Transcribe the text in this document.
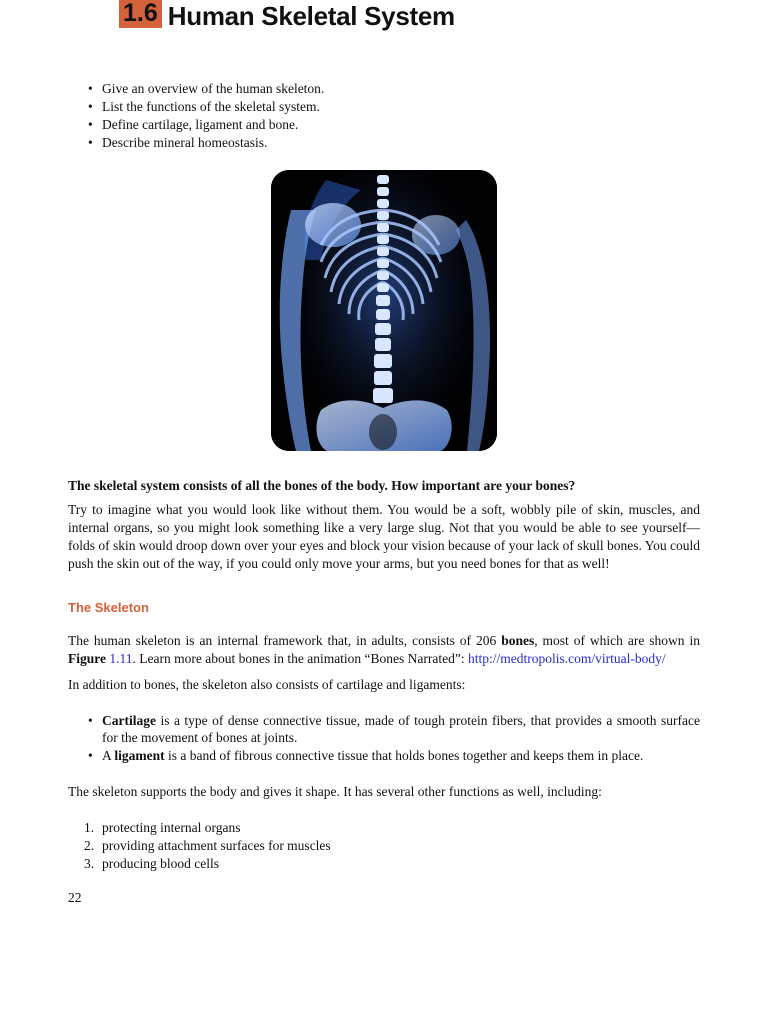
1.6 Human Skeletal System
• Give an overview of the human skeleton.
• List the functions of the skeletal system.
• Define cartilage, ligament and bone.
• Describe mineral homeostasis.

The skeletal system consists of all the bones of the body. How important are your bones?

Try to imagine what you would look like without them. You would be a soft, wobbly pile of skin, muscles, and internal organs, so you might look something like a very large slug. Not that you would be able to see yourself—folds of skin would droop down over your eyes and block your vision because of your lack of skull bones. You could push the skin out of the way, if you could only move your arms, but you need bones for that as well!

The Skeleton

The human skeleton is an internal framework that, in adults, consists of 206 bones, most of which are shown in Figure 1.11. Learn more about bones in the animation “Bones Narrated”: http://medtropolis.com/virtual-body/

In addition to bones, the skeleton also consists of cartilage and ligaments:

• Cartilage is a type of dense connective tissue, made of tough protein fibers, that provides a smooth surface for the movement of bones at joints.
• A ligament is a band of fibrous connective tissue that holds bones together and keeps them in place.

The skeleton supports the body and gives it shape. It has several other functions as well, including:

1. protecting internal organs
2. providing attachment surfaces for muscles
3. producing blood cells

22
